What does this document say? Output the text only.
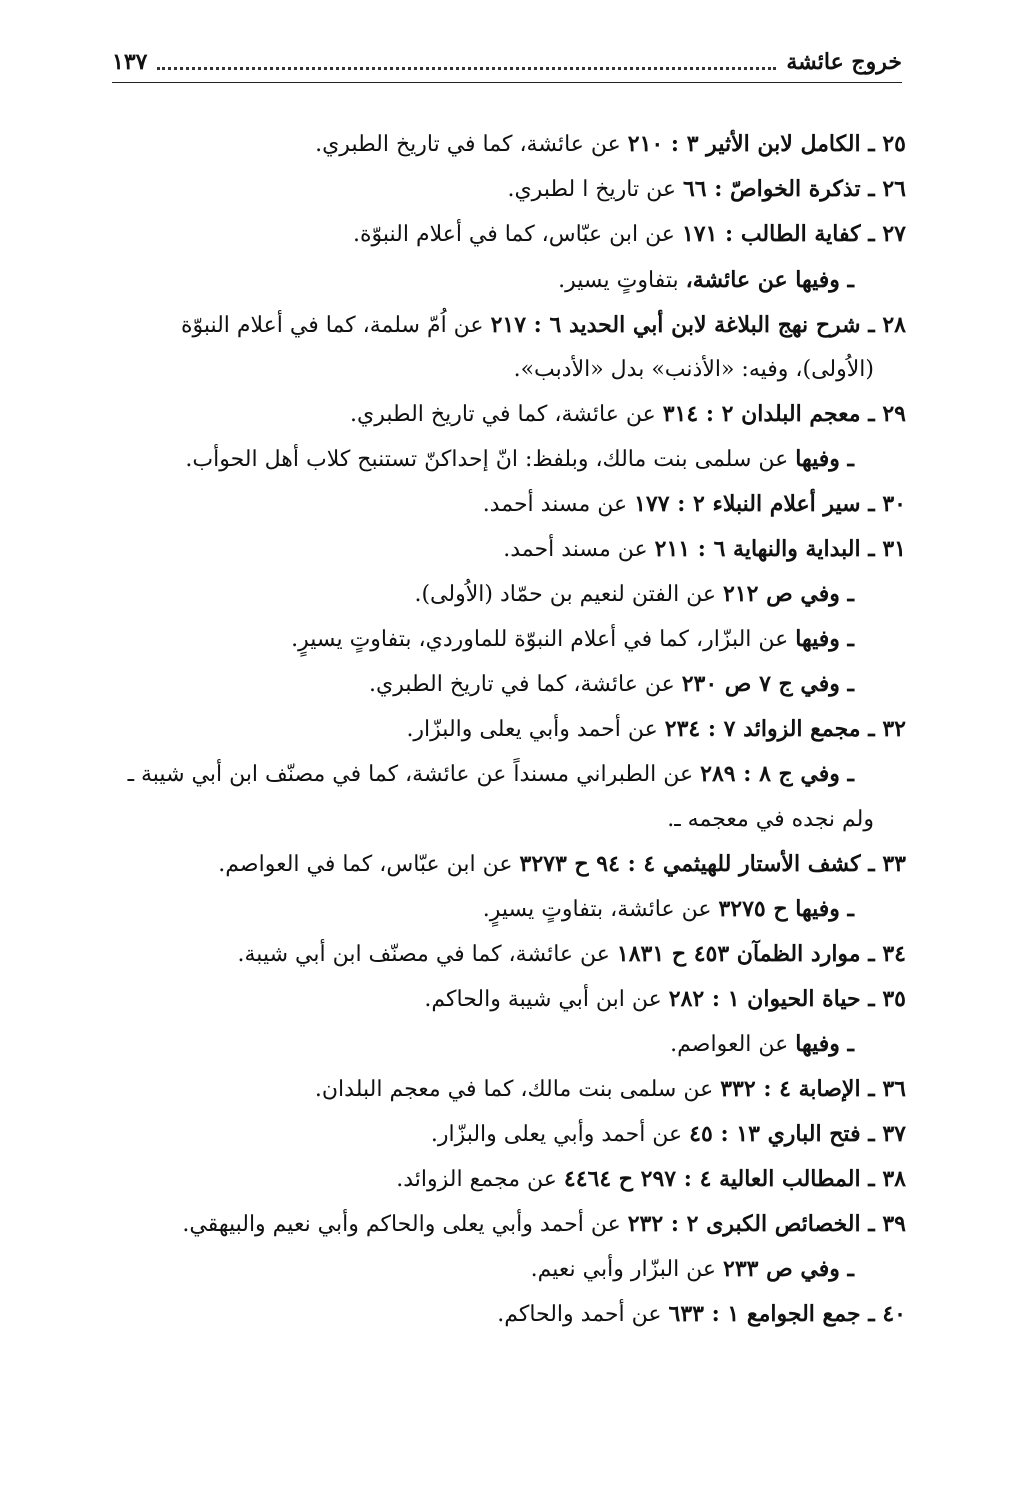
خروج عائشة
١٣٧
٢٥ ـ الكامل لابن الأثير ٣ : ٢١٠ عن عائشة، كما في تاريخ الطبري.
٢٦ ـ تذكرة الخواصّ : ٦٦ عن تاريخ ا لطبري.
٢٧ ـ كفاية الطالب : ١٧١ عن ابن عبّاس، كما في أعلام النبوّة.
ـ وفيها عن عائشة، بتفاوتٍ يسير.
٢٨ ـ شرح نهج البلاغة لابن أبي الحديد ٦ : ٢١٧ عن اُمّ سلمة، كما في أعلام النبوّة
(الاُولى)، وفيه: «الأذنب» بدل «الأدبب».
٢٩ ـ معجم البلدان ٢ : ٣١٤ عن عائشة، كما في تاريخ الطبري.
ـ وفيها عن سلمى بنت مالك، وبلفظ: انّ إحداكنّ تستنبح كلاب أهل الحوأب.
٣٠ ـ سير أعلام النبلاء ٢ : ١٧٧ عن مسند أحمد.
٣١ ـ البداية والنهاية ٦ : ٢١١ عن مسند أحمد.
ـ وفي ص ٢١٢ عن الفتن لنعيم بن حمّاد (الاُولى).
ـ وفيها عن البزّار، كما في أعلام النبوّة للماوردي، بتفاوتٍ يسيرٍ.
ـ وفي ج ٧ ص ٢٣٠ عن عائشة، كما في تاريخ الطبري.
٣٢ ـ مجمع الزوائد ٧ : ٢٣٤ عن أحمد وأبي يعلى والبزّار.
ـ وفي ج ٨ : ٢٨٩ عن الطبراني مسنداً عن عائشة، كما في مصنّف ابن أبي شيبة ـ
ولم نجده في معجمه ـ.
٣٣ ـ كشف الأستار للهيثمي ٤ : ٩٤ ح ٣٢٧٣ عن ابن عبّاس، كما في العواصم.
ـ وفيها ح ٣٢٧٥ عن عائشة، بتفاوتٍ يسيرٍ.
٣٤ ـ موارد الظمآن ٤٥٣ ح ١٨٣١ عن عائشة، كما في مصنّف ابن أبي شيبة.
٣٥ ـ حياة الحيوان ١ : ٢٨٢ عن ابن أبي شيبة والحاكم.
ـ وفيها عن العواصم.
٣٦ ـ الإصابة ٤ : ٣٣٢ عن سلمى بنت مالك، كما في معجم البلدان.
٣٧ ـ فتح الباري ١٣ : ٤٥ عن أحمد وأبي يعلى والبزّار.
٣٨ ـ المطالب العالية ٤ : ٢٩٧ ح ٤٤٦٤ عن مجمع الزوائد.
٣٩ ـ الخصائص الكبرى ٢ : ٢٣٢ عن أحمد وأبي يعلى والحاكم وأبي نعيم والبيهقي.
ـ وفي ص ٢٣٣ عن البزّار وأبي نعيم.
٤٠ ـ جمع الجوامع ١ : ٦٣٣ عن أحمد والحاكم.
